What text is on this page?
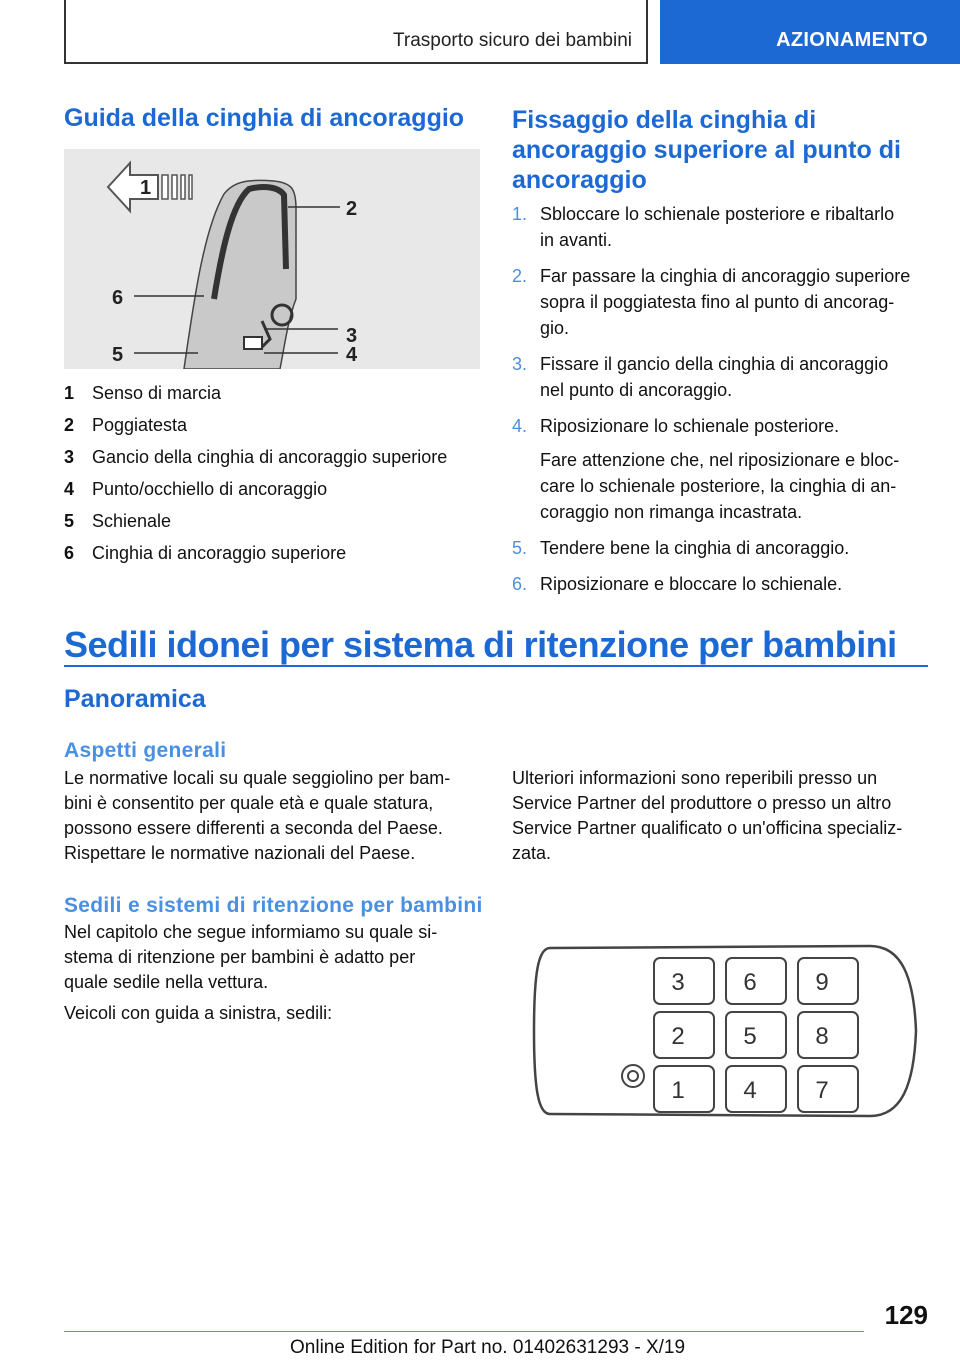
Trasporto sicuro dei bambini	AZIONAMENTO
Guida della cinghia di ancoraggio
1
2
3
4
5
6
1 Senso di marcia
2 Poggiatesta
3 Gancio della cinghia di ancoraggio superiore
4 Punto/occhiello di ancoraggio
5 Schienale
6 Cinghia di ancoraggio superiore
Fissaggio della cinghia di
ancoraggio superiore al punto di
ancoraggio
1. Sbloccare lo schienale posteriore e ribaltarlo
in avanti.
2. Far passare la cinghia di ancoraggio superiore
sopra il poggiatesta fino al punto di ancorag-
gio.
3. Fissare il gancio della cinghia di ancoraggio
nel punto di ancoraggio.
4. Riposizionare lo schienale posteriore.
Fare attenzione che, nel riposizionare e bloc-
care lo schienale posteriore, la cinghia di an-
coraggio non rimanga incastrata.
5. Tendere bene la cinghia di ancoraggio.
6. Riposizionare e bloccare lo schienale.
Sedili idonei per sistema di ritenzione per bambini
Panoramica
Aspetti generali

Le normative locali su quale seggiolino per bam-
bini è consentito per quale età e quale statura,
possono essere differenti a seconda del Paese.
Rispettare le normative nazionali del Paese.

Ulteriori informazioni sono reperibili presso un
Service Partner del produttore o presso un altro
Service Partner qualificato o un'officina specializ-
zata.

Sedili e sistemi di ritenzione per bambini

Nel capitolo che segue informiamo su quale si-
stema di ritenzione per bambini è adatto per
quale sedile nella vettura.

Veicoli con guida a sinistra, sedili:

3 6 9
2 5 8
1 4 7
129
Online Edition for Part no. 01402631293 - X/19
